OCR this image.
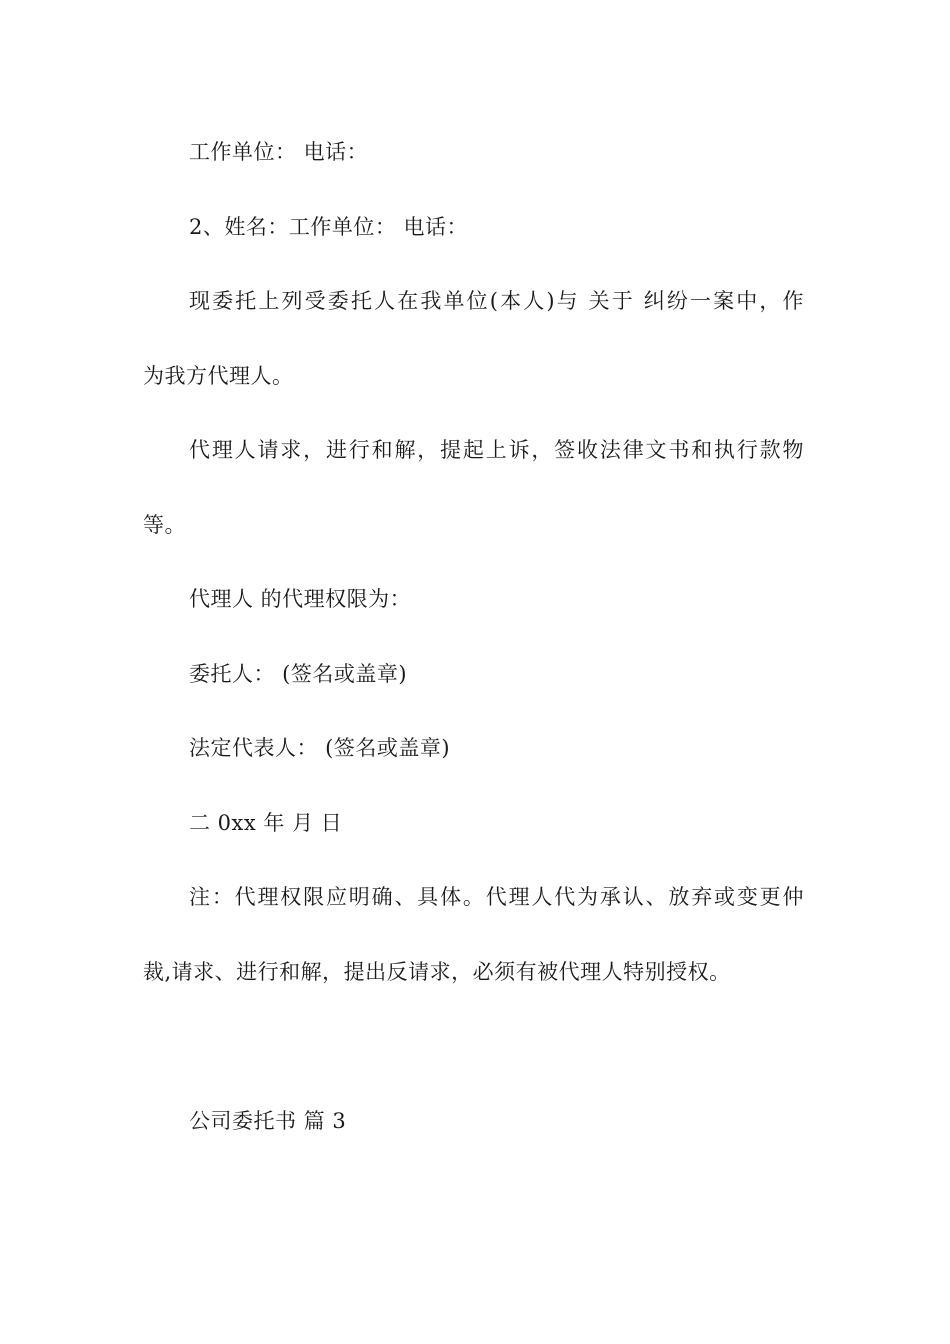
工作单位： 电话：
2、姓名：工作单位： 电话：
现委托上列受委托人在我单位(本人)与 关于 纠纷一案中，作
为我方代理人。
代理人请求，进行和解，提起上诉，签收法律文书和执行款物
等。
代理人 的代理权限为：
委托人： (签名或盖章)
法定代表人： (签名或盖章)
二 0xx 年 月 日
注：代理权限应明确、具体。代理人代为承认、放弃或变更仲
裁,请求、进行和解，提出反请求，必须有被代理人特别授权。
公司委托书 篇 3
